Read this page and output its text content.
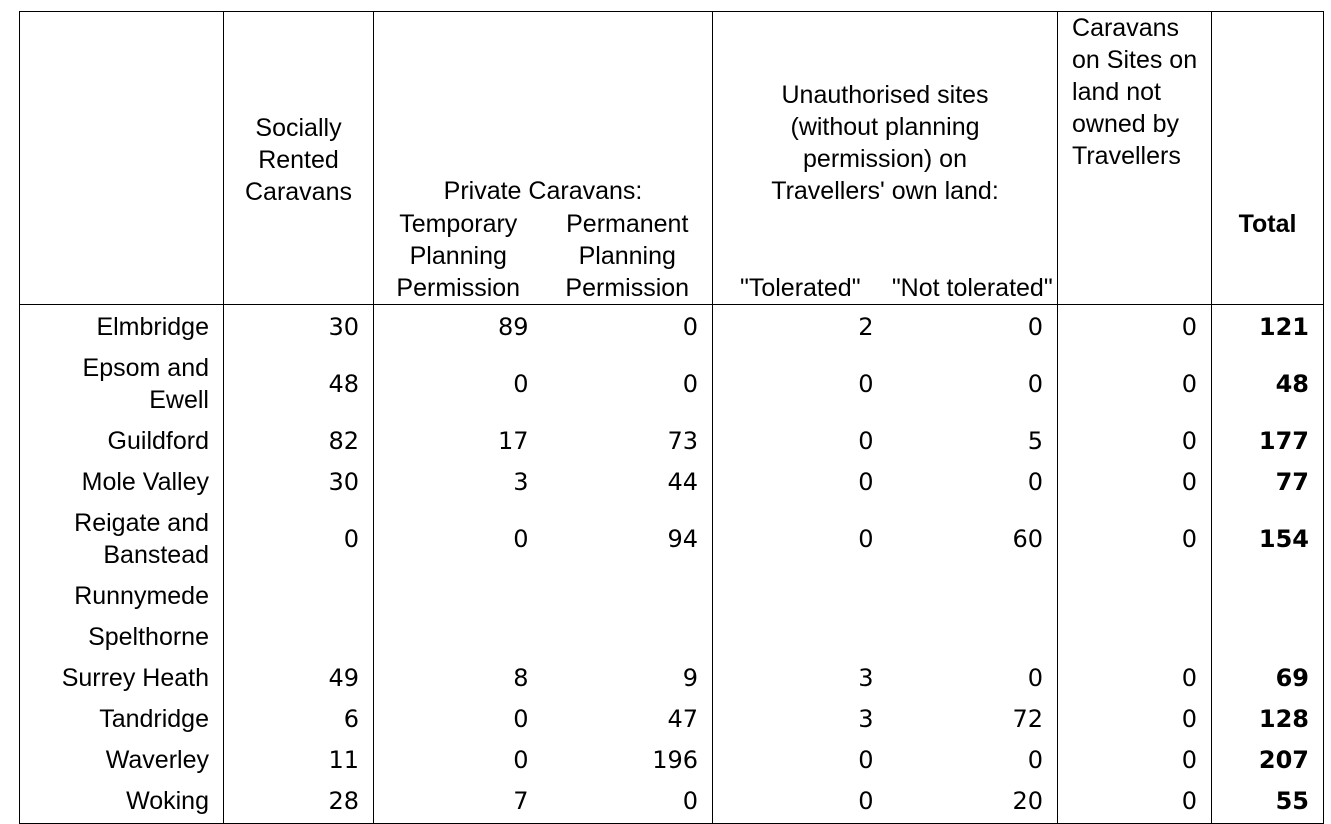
	Socially Rented Caravans	Private Caravans:		Unauthorised sites (without planning permission) on Travellers' own land:		Caravans on Sites on land not owned by Travellers	Total
		Temporary Planning Permission	Permanent Planning Permission	"Tolerated"	"Not tolerated"		
Elmbridge	30	89	0	2	0	0	121
Epsom and Ewell	48	0	0	0	0	0	48
Guildford	82	17	73	0	5	0	177
Mole Valley	30	3	44	0	0	0	77
Reigate and Banstead	0	0	94	0	60	0	154
Runnymede							
Spelthorne							
Surrey Heath	49	8	9	3	0	0	69
Tandridge	6	0	47	3	72	0	128
Waverley	11	0	196	0	0	0	207
Woking	28	7	0	0	20	0	55
